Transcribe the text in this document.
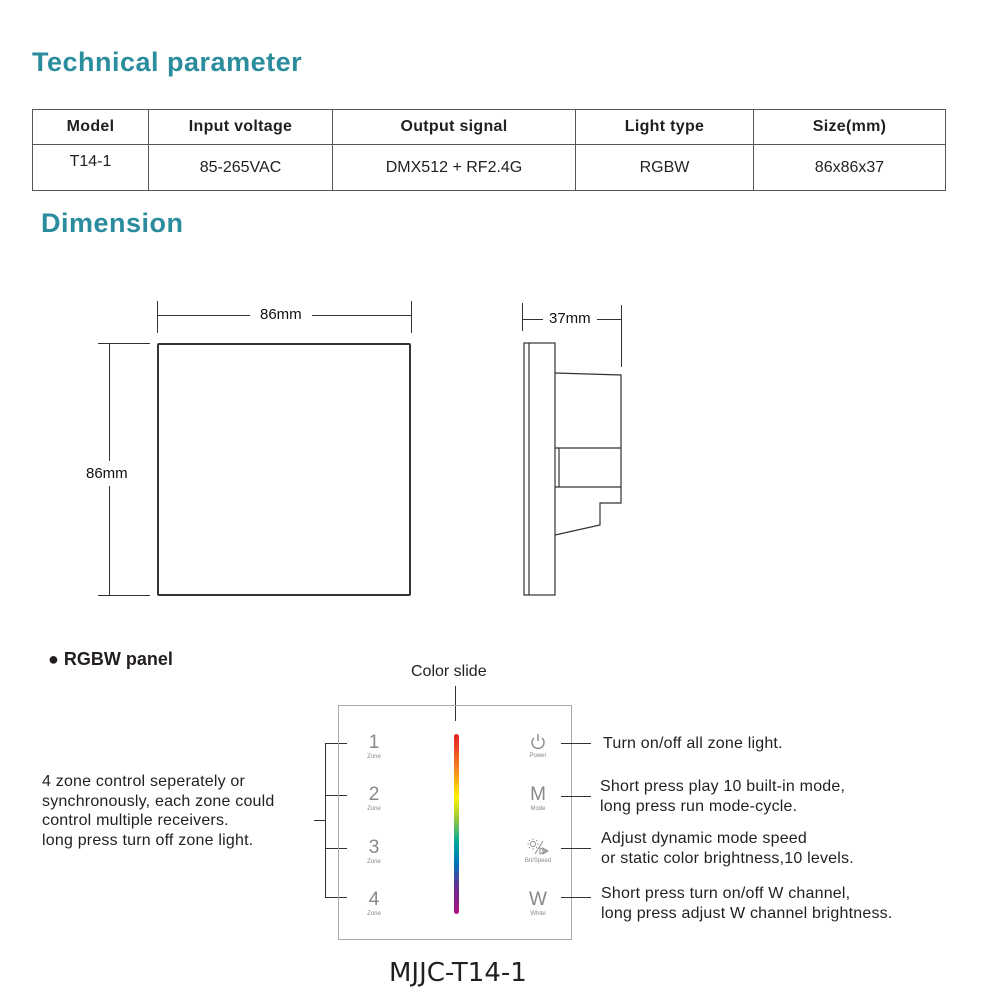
Technical parameter
Model	Input voltage	Output signal	Light type	Size(mm)
T14-1	85-265VAC	DMX512 + RF2.4G	RGBW	86x86x37
Dimension
86mm
86mm
37mm
● RGBW panel
Color slide
4 zone control seperately or
synchronously, each zone could
control multiple receivers.
long press turn off zone light.
1
Zone
2
Zone
3
Zone
4
Zone
Power
M
Mode
Bri/Speed
W
White
Turn on/off all zone light.
Short press play 10 built-in mode,
long press run mode-cycle.
Adjust dynamic mode speed
or static color brightness,10 levels.
Short press turn on/off W channel,
long press adjust W channel brightness.
MJJC-T14-1
